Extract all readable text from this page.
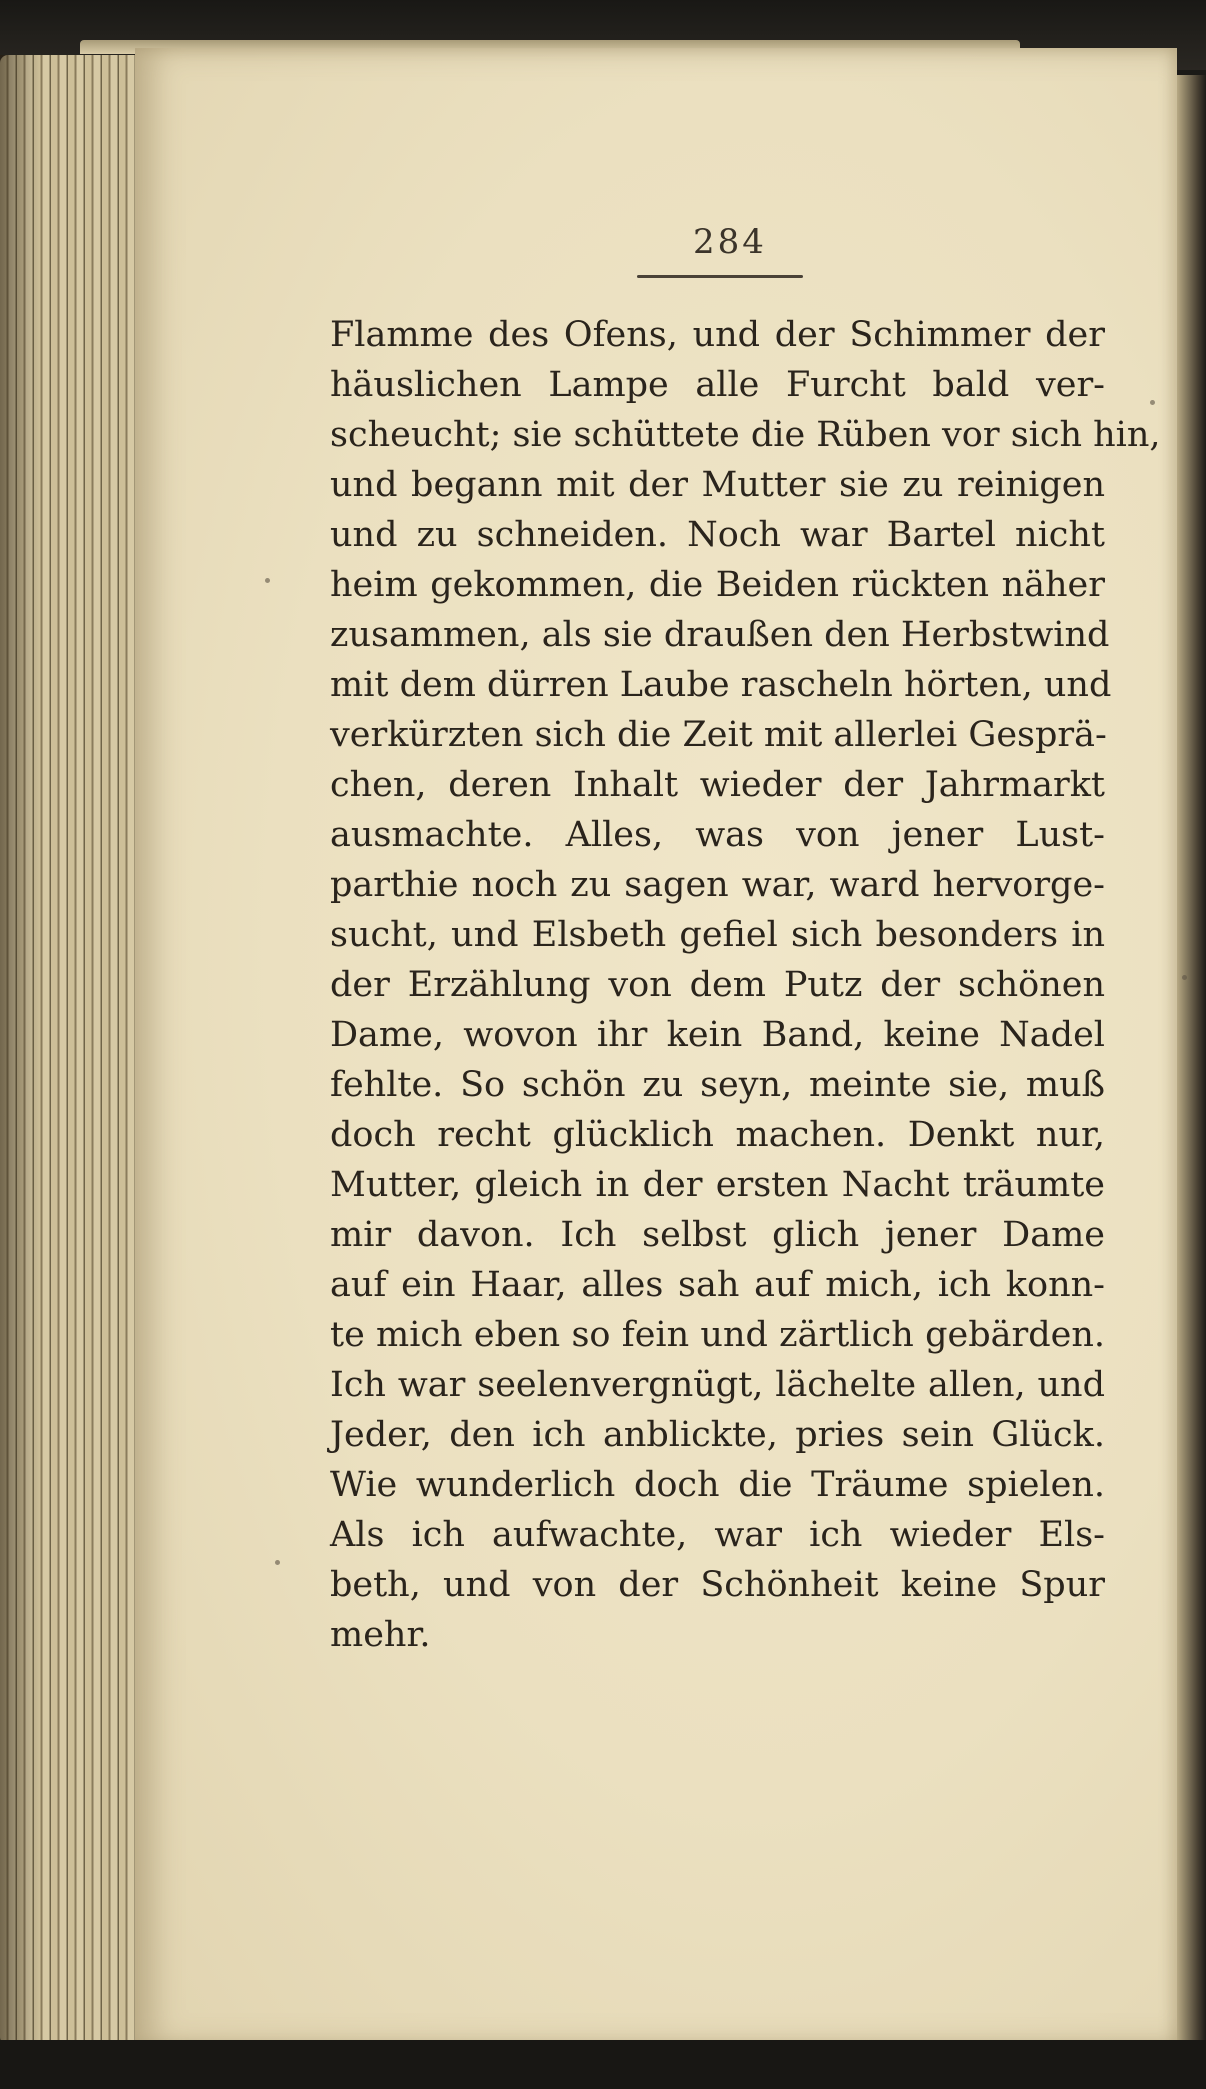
284
Flamme des Ofens, und der Schimmer der
häuslichen Lampe alle Furcht bald ver-
scheucht; sie schüttete die Rüben vor sich hin,
und begann mit der Mutter sie zu reinigen
und zu schneiden. Noch war Bartel nicht
heim gekommen, die Beiden rückten näher
zusammen, als sie draußen den Herbstwind
mit dem dürren Laube rascheln hörten, und
verkürzten sich die Zeit mit allerlei Gesprä-
chen, deren Inhalt wieder der Jahrmarkt
ausmachte. Alles, was von jener Lust-
parthie noch zu sagen war, ward hervorge-
sucht, und Elsbeth gefiel sich besonders in
der Erzählung von dem Putz der schönen
Dame, wovon ihr kein Band, keine Nadel
fehlte. So schön zu seyn, meinte sie, muß
doch recht glücklich machen. Denkt nur,
Mutter, gleich in der ersten Nacht träumte
mir davon. Ich selbst glich jener Dame
auf ein Haar, alles sah auf mich, ich konn-
te mich eben so fein und zärtlich gebärden.
Ich war seelenvergnügt, lächelte allen, und
Jeder, den ich anblickte, pries sein Glück.
Wie wunderlich doch die Träume spielen.
Als ich aufwachte, war ich wieder Els-
beth, und von der Schönheit keine Spur
mehr.
